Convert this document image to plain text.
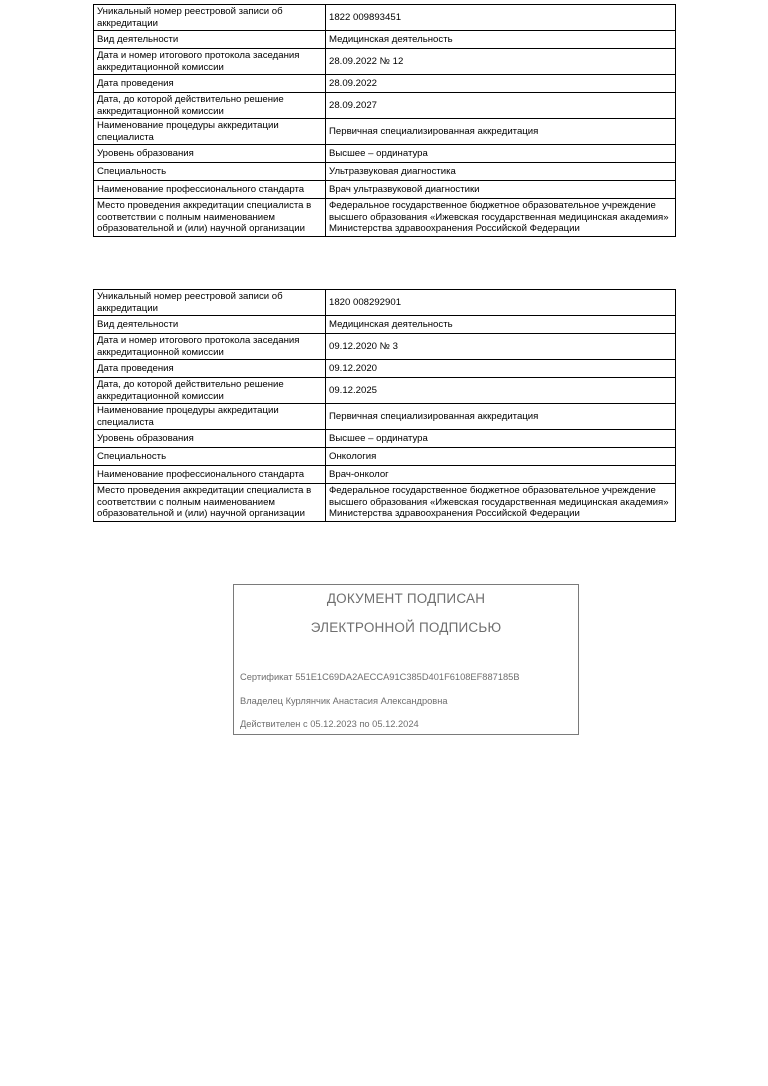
Уникальный номер реестровой записи об аккредитации	1822 009893451
Вид деятельности	Медицинская деятельность
Дата и номер итогового протокола заседания аккредитационной комиссии	28.09.2022 № 12
Дата проведения	28.09.2022
Дата, до которой действительно решение аккредитационной комиссии	28.09.2027
Наименование процедуры аккредитации специалиста	Первичная специализированная аккредитация
Уровень образования	Высшее – ординатура
Специальность	Ультразвуковая диагностика
Наименование профессионального стандарта	Врач ультразвуковой диагностики
Место проведения аккредитации специалиста в соответствии с полным наименованием образовательной и (или) научной организации	Федеральное государственное бюджетное образовательное учреждение высшего образования «Ижевская государственная медицинская академия» Министерства здравоохранения Российской Федерации
Уникальный номер реестровой записи об аккредитации	1820 008292901
Вид деятельности	Медицинская деятельность
Дата и номер итогового протокола заседания аккредитационной комиссии	09.12.2020 № 3
Дата проведения	09.12.2020
Дата, до которой действительно решение аккредитационной комиссии	09.12.2025
Наименование процедуры аккредитации специалиста	Первичная специализированная аккредитация
Уровень образования	Высшее – ординатура
Специальность	Онкология
Наименование профессионального стандарта	Врач-онколог
Место проведения аккредитации специалиста в соответствии с полным наименованием образовательной и (или) научной организации	Федеральное государственное бюджетное образовательное учреждение высшего образования «Ижевская государственная медицинская академия» Министерства здравоохранения Российской Федерации
ДОКУМЕНТ ПОДПИСАН
ЭЛЕКТРОННОЙ ПОДПИСЬЮ
Сертификат 551E1C69DA2AECCA91C385D401F6108EF887185B
Владелец Курлянчик Анастасия Александровна
Действителен с 05.12.2023 по 05.12.2024
